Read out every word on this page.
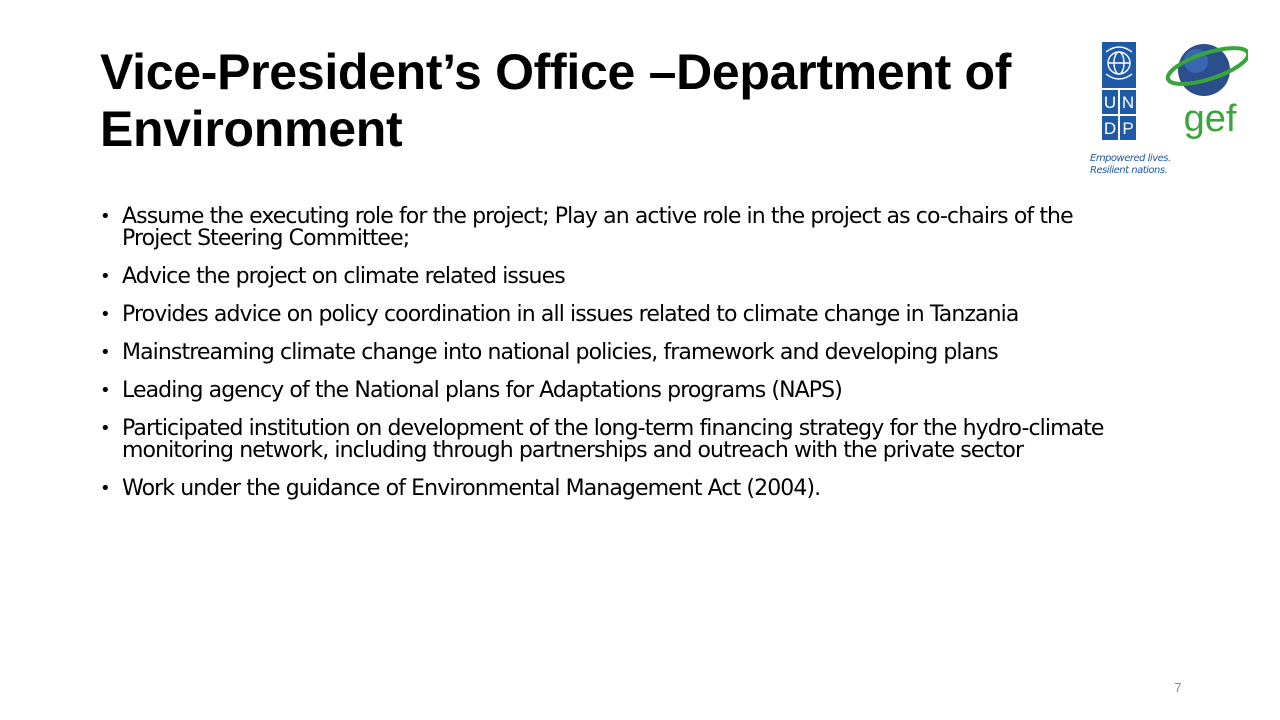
Vice-President’s Office –Department of
Environment	U N
D P gef
Empowered lives.
Resilient nations.
• Assume the executing role for the project; Play an active role in the project as co-chairs of the Project Steering Committee;
• Advice the project on climate related issues
• Provides advice on policy coordination in all issues related to climate change in Tanzania
• Mainstreaming climate change into national policies, framework and developing plans
• Leading agency of the National plans for Adaptations programs (NAPS)
• Participated institution on development of the long-term financing strategy for the hydro-climate monitoring network, including through partnerships and outreach with the private sector
• Work under the guidance of Environmental Management Act (2004).
7
